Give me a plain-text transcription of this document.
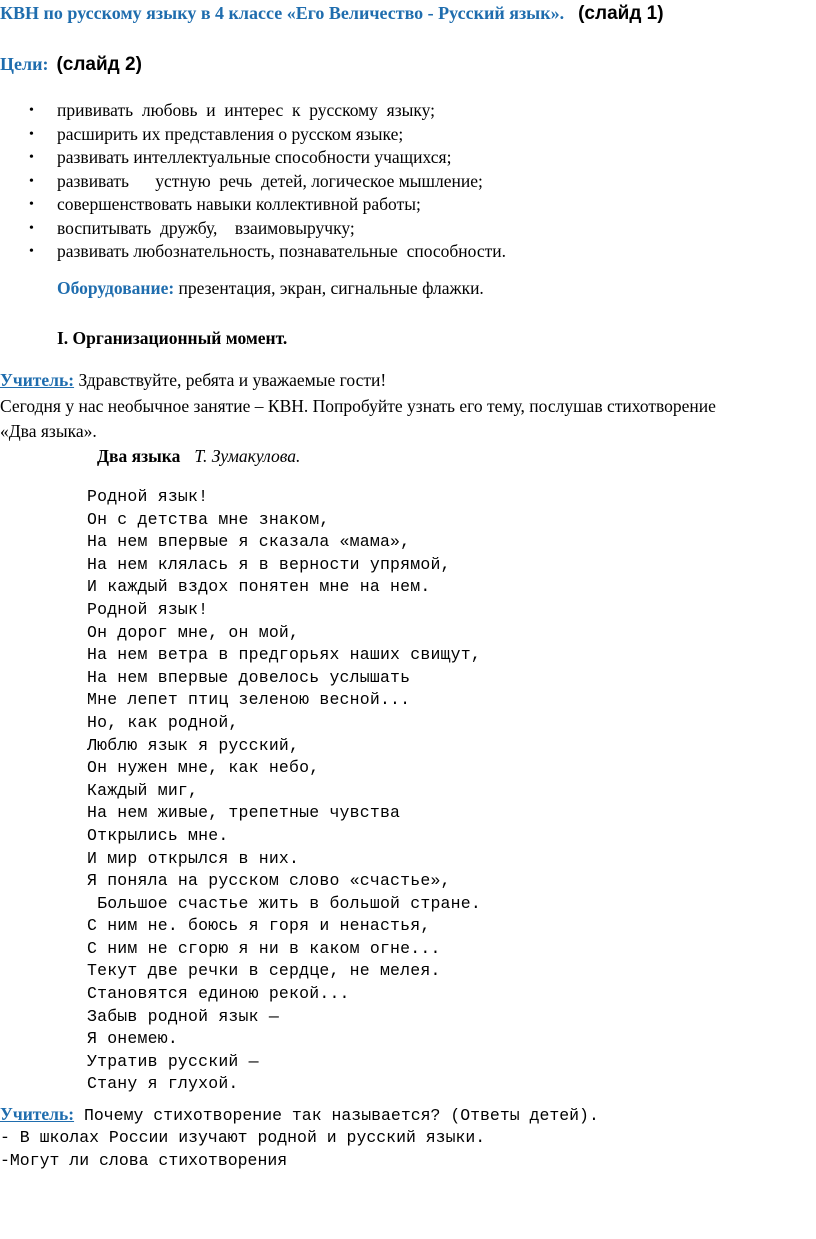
КВН по русскому языку в 4 классе «Его Величество - Русский язык». (слайд 1)
Цели: (слайд 2)
• прививать  любовь  и  интерес  к  русскому  языку;
• расширить их представления о русском языке;
• развивать интеллектуальные способности учащихся;
• развивать      устную  речь  детей, логическое мышление;
• совершенствовать навыки коллективной работы;
• воспитывать  дружбу,    взаимовыручку;
• развивать любознательность, познавательные  способности.
Оборудование: презентация, экран, сигнальные флажки.
I. Организационный момент.
Учитель: Здравствуйте, ребята и уважаемые гости!
Сегодня у нас необычное занятие – КВН. Попробуйте узнать его тему, послушав стихотворение
«Два языка».
Два языка Т. Зумакулова.
Родной язык!
Он с детства мне знаком,
На нем впервые я сказала «мама»,
На нем клялась я в верности упрямой,
И каждый вздох понятен мне на нем.
Родной язык!
Он дорог мне, он мой,
На нем ветра в предгорьях наших свищут,
На нем впервые довелось услышать
Мне лепет птиц зеленою весной...
Но, как родной,
Люблю язык я русский,
Он нужен мне, как небо,
Каждый миг,
На нем живые, трепетные чувства
Открылись мне.
И мир открылся в них.
Я поняла на русском слово «счастье»,
Большое счастье жить в большой стране.
С ним не. боюсь я горя и ненастья,
С ним не сгорю я ни в каком огне...
Текут две речки в сердце, не мелея.
Становятся единою рекой...
Забыв родной язык —
Я онемею.
Утратив русский —
Стану я глухой.
Учитель: Почему стихотворение так называется? (Ответы детей).
- В школах России изучают родной и русский языки.
-Могут ли слова стихотворения
